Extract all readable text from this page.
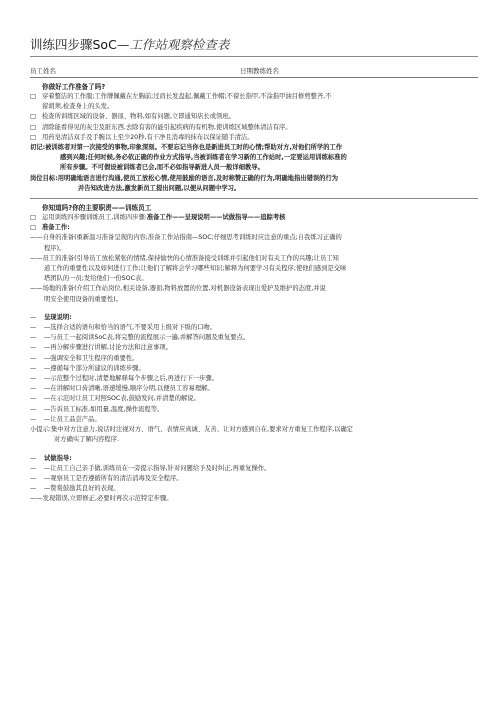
训练四步骤SoC—工作站观察检查表
员工姓名	日期教练姓名
你做好工作准备了吗?
□ 穿着整洁的工作服;工作牌佩戴在左胸前;过肩长发盘起,佩戴工作帽;不留长指甲,不涂指甲油目修剪整齐,不
留胡须,检查身上的头发。
□ 检查所训练区域的设备、器皿、物料,如有问题,立即通知店长或领班。
□ 清除能看得见的灰尘及脏东西,去除有害的能引起疾病的有机物,使训练区域整体清洁有序。
□ 用药皂清洁双手及手腕以上至少20秒,有干净且消毒的抹布以保证随手清洁。
切记:被训练者对第一次接受的事物,印象深刻。不要忘记当你也是新进员工时的心情;帮助对方,对他们所学的工作
感到兴趣;任何时候,务必依正确的作业方式指导,当被训练者在学习新的工作站时,一定要运用训练标准的
所有步骤。不可假设被训练者已会,而不必如指导新进人员一般详细教导。
岗位目标:用明确地语言进行沟通,使员工放松心情,使用鼓励的语言,及时称赞正确的行为,明确地指出错误的行为
并告知改进方法,激发新员工提出问题,以便从问题中学习。
你知道吗?你的主要职责——训练员工
□ 运用训练四步骤训练员工,训练四步骤:准备工作——呈现说明——试做指导——追踪考核
□ 准备工作:
——自身的准备(重新温习准备呈现的内容;准备工作站指南—SOC;仔细思考训练时应注意的重点;自我练习正确的
程序)。
——员工的准备(引导员工放松紧张的情绪,保持愉快的心情准备接受训练并引起他们对有关工作的兴趣;让员工知
道工作的重要性以及如何进行工作;让他们了解将会学习哪些知识;解释为何要学习有关程序;使他们感到是交味
塔团队的一员;发给他们一份SOC表。
——场地的准备(介绍工作站岗位,相关设备,器皿,物料放置的位置,对机器设备表现出爱护及维护的态度,并说
明安全使用设备的重要性)。
— 呈现说明:
— —选择合适的语句和恰当的语气,不要采用上级对下级的口吻。
— —与员工一起阅读SoC表,将完整的流程展示一遍,并解答问题及重复要点。
— —再分解步骤进行讲解,讨论方法和注意事项。
— —强调安全和卫生程序的重要性。
— —遵循每个部分所建议的训练步骤。
— —示范整个过程时,清楚地解释每个步骤之后,再进行下一步骤。
— —在讲解时口齿清晰,语速缓慢,顺序分明,以便员工容易理解。
— —在示范时让员工对照SOC表,鼓励发问,并清楚的解说。
— —告诉员工标准,如用量,温度,操作流程等。
— —让员工品尝产品。
小提示:集中对方注意力,说话时注视对方、语气、表情应真诚、友善、让对方感到自在,要求对方重复工作程序,以确定
对方确实了解内容程序.
— 试做指导:
— —让员工自己亲手做,训练员在一旁提示指导,针对问题给予及时纠正,再重复操作。
— —观察员工是否遵循所有的清洁消毒及安全程序。
— —赞赏鼓励其良好的表现。
——发现错误,立即修正,必要时再次示范特定步骤。
